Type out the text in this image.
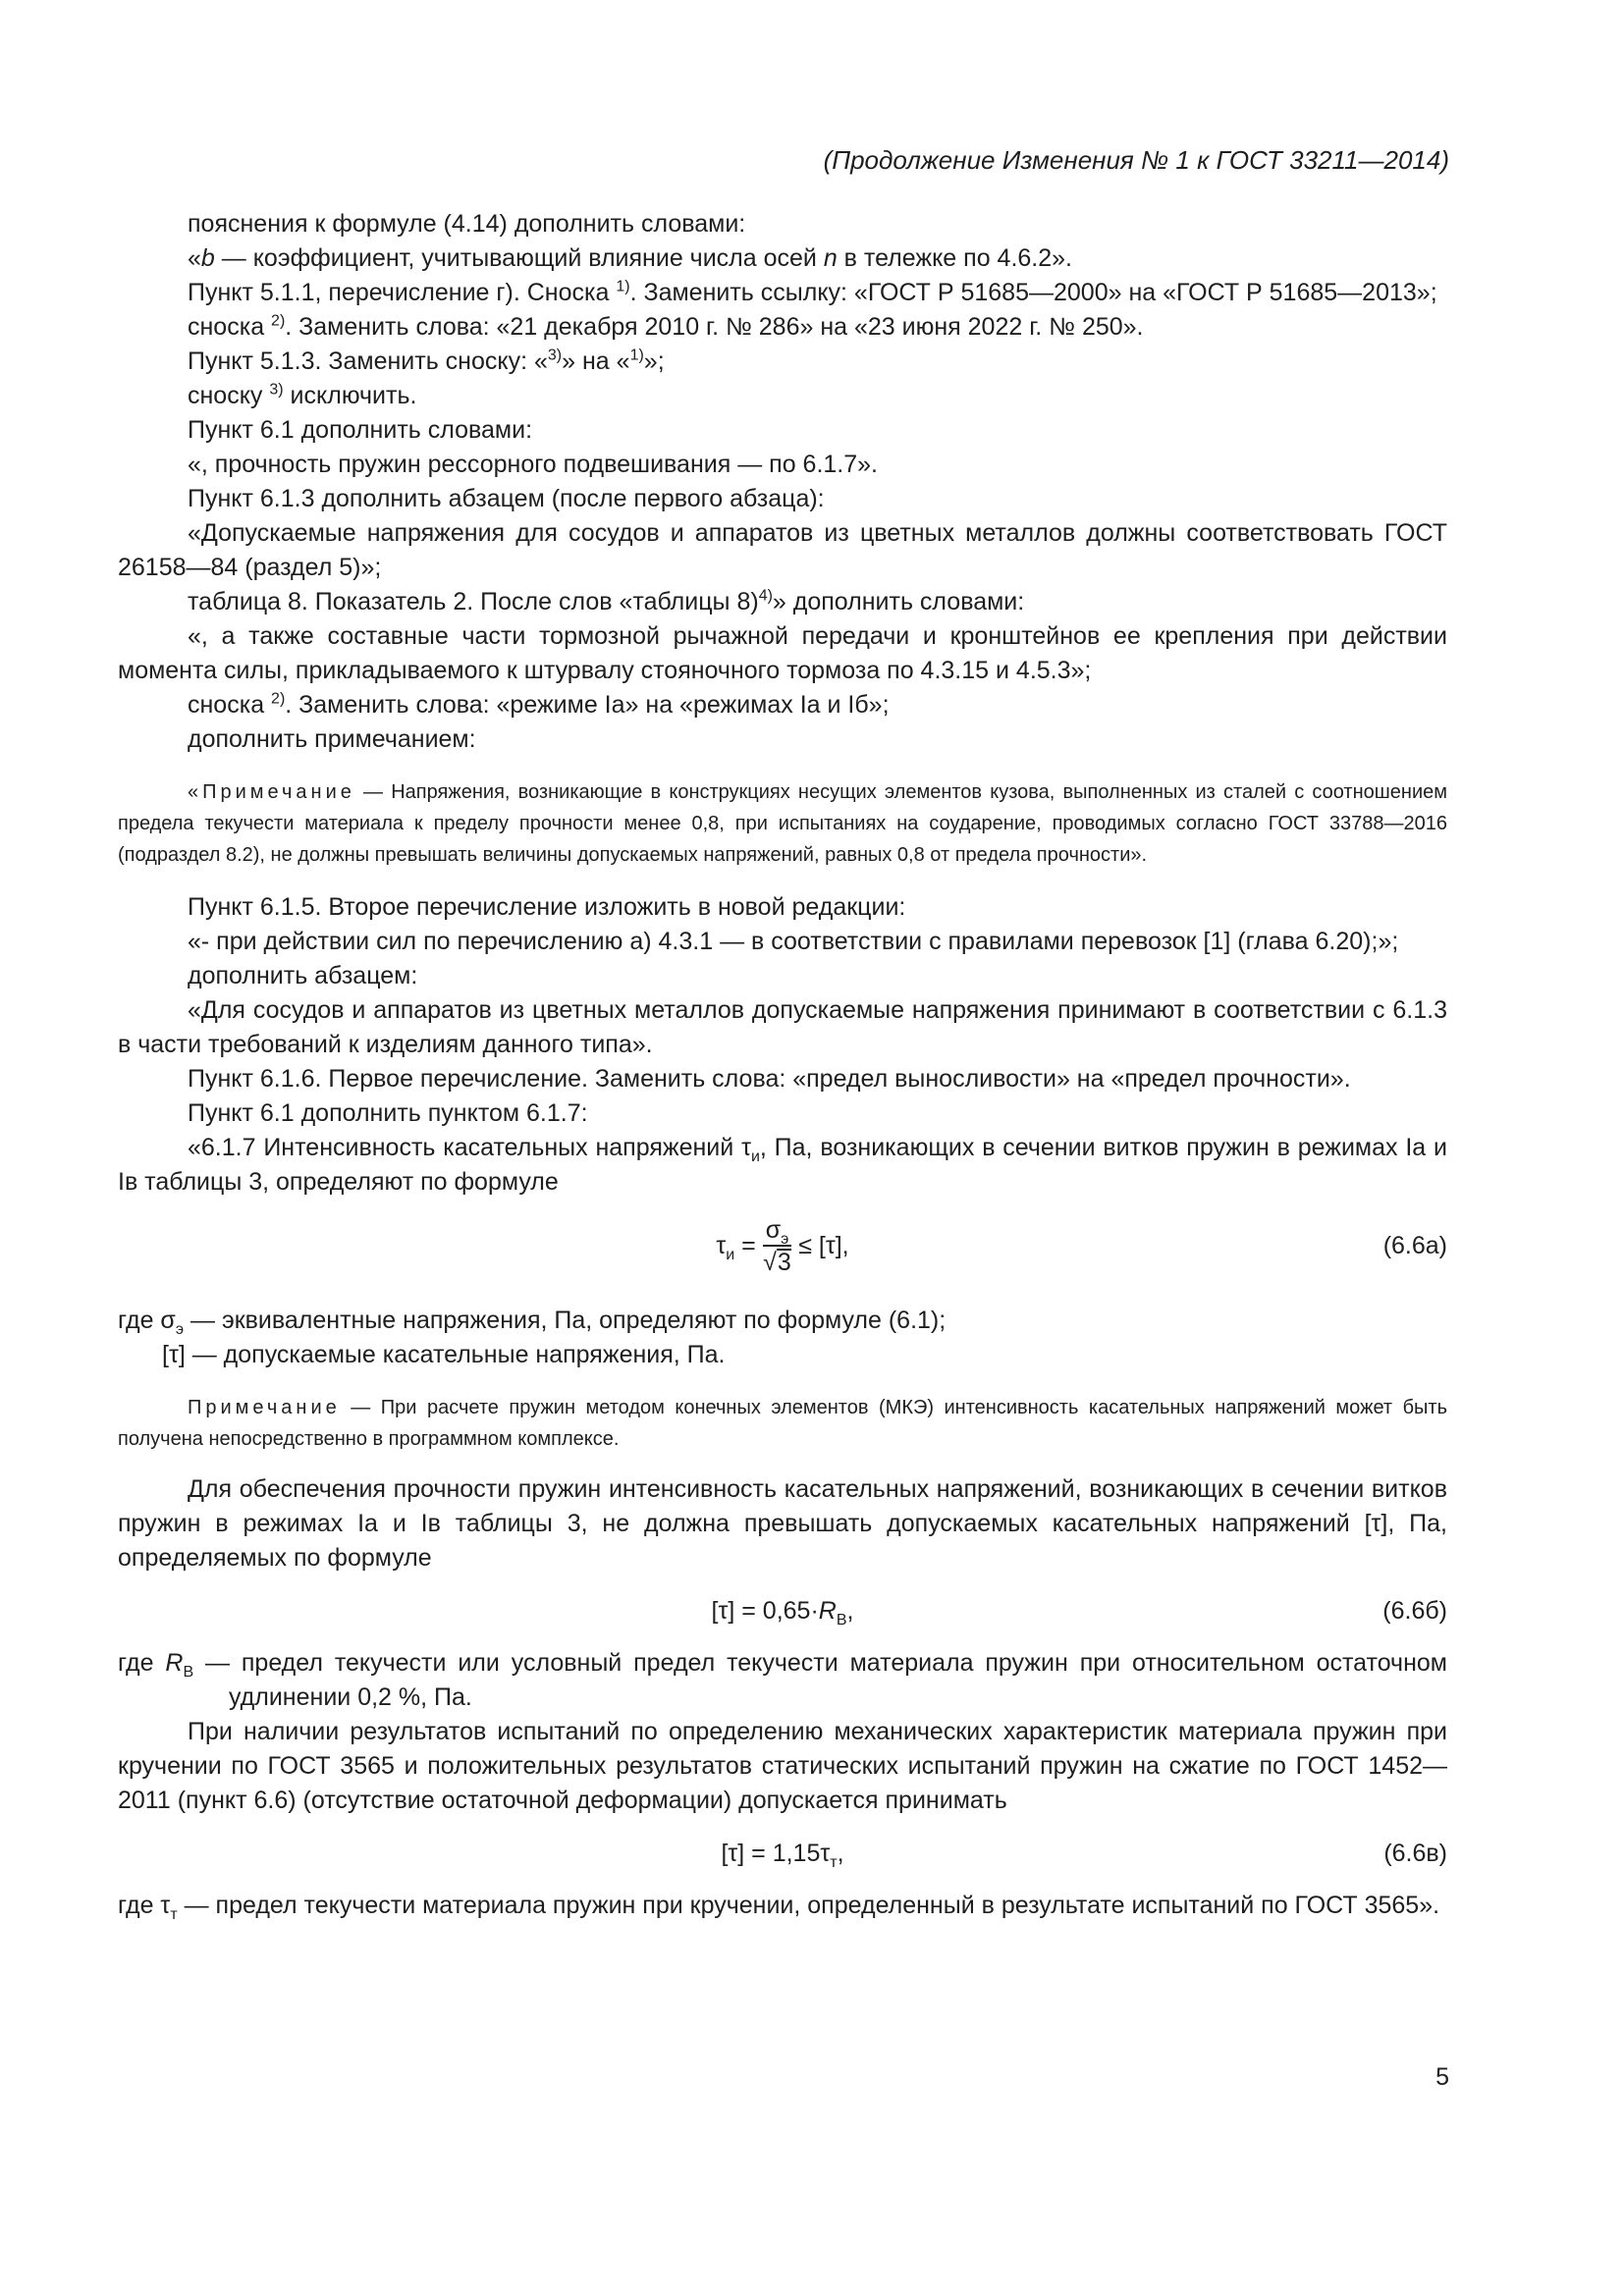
(Продолжение Изменения № 1 к ГОСТ 33211—2014)

пояснения к формуле (4.14) дополнить словами:

«b — коэффициент, учитывающий влияние числа осей n в тележке по 4.6.2».

Пункт 5.1.1, перечисление г). Сноска $^{1)}$. Заменить ссылку: «ГОСТ Р 51685—2000» на «ГОСТ Р 51685—2013»;

сноска $^{2)}$. Заменить слова: «21 декабря 2010 г. № 286» на «23 июня 2022 г. № 250».

Пункт 5.1.3. Заменить сноску: «$^{3)}$» на «$^{1)}$»;

сноску $^{3)}$ исключить.

Пункт 6.1 дополнить словами:

«, прочность пружин рессорного подвешивания — по 6.1.7».

Пункт 6.1.3 дополнить абзацем (после первого абзаца):

«Допускаемые напряжения для сосудов и аппаратов из цветных металлов должны соответствовать ГОСТ 26158—84 (раздел 5)»;

таблица 8. Показатель 2. После слов «таблицы 8)$^{4)}$» дополнить словами:

«, а также составные части тормозной рычажной передачи и кронштейнов ее крепления при действии момента силы, прикладываемого к штурвалу стояночного тормоза по 4.3.15 и 4.5.3»;

сноска $^{2)}$. Заменить слова: «режиме Iа» на «режимах Iа и Iб»;

дополнить примечанием:

«Примечание — Напряжения, возникающие в конструкциях несущих элементов кузова, выполненных из сталей с соотношением предела текучести материала к пределу прочности менее 0,8, при испытаниях на соударение, проводимых согласно ГОСТ 33788—2016 (подраздел 8.2), не должны превышать величины допускаемых напряжений, равных 0,8 от предела прочности».

Пункт 6.1.5. Второе перечисление изложить в новой редакции:

«- при действии сил по перечислению а) 4.3.1 — в соответствии с правилами перевозок [1] (глава 6.20);»;

дополнить абзацем:

«Для сосудов и аппаратов из цветных металлов допускаемые напряжения принимают в соответствии с 6.1.3 в части требований к изделиям данного типа».

Пункт 6.1.6. Первое перечисление. Заменить слова: «предел выносливости» на «предел прочности».

Пункт 6.1 дополнить пунктом 6.1.7:

«6.1.7 Интенсивность касательных напряжений $\tau_и$, Па, возникающих в сечении витков пружин в режимах Iа и Iв таблицы 3, определяют по формуле

$\tau_и = \frac{\sigma_э}{√3} \le [\tau]$,	(6.6а)

где $\sigma_э$ — эквивалентные напряжения, Па, определяют по формуле (6.1);

[τ] — допускаемые касательные напряжения, Па.

Примечание — При расчете пружин методом конечных элементов (МКЭ) интенсивность касательных напряжений может быть получена непосредственно в программном комплексе.

Для обеспечения прочности пружин интенсивность касательных напряжений, возникающих в сечении витков пружин в режимах Iа и Iв таблицы 3, не должна превышать допускаемых касательных напряжений [τ], Па, определяемых по формуле

$[\tau] = 0,65\cdot R_В$,	(6.6б)

где $R_В$ — предел текучести или условный предел текучести материала пружин при относительном остаточном удлинении 0,2 %, Па.

При наличии результатов испытаний по определению механических характеристик материала пружин при кручении по ГОСТ 3565 и положительных результатов статических испытаний пружин на сжатие по ГОСТ 1452—2011 (пункт 6.6) (отсутствие остаточной деформации) допускается принимать

$[\tau] = 1,15\tau_т$,	(6.6в)

где $\tau_т$ — предел текучести материала пружин при кручении, определенный в результате испытаний по ГОСТ 3565».

5
